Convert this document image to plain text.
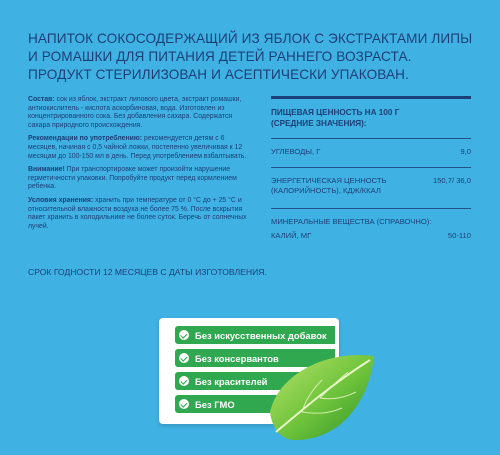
НАПИТОК СОКОСОДЕРЖАЩИЙ ИЗ ЯБЛОК С ЭКСТРАКТАМИ ЛИПЫ
И РОМАШКИ ДЛЯ ПИТАНИЯ ДЕТЕЙ РАННЕГО ВОЗРАСТА.
ПРОДУКТ СТЕРИЛИЗОВАН И АСЕПТИЧЕСКИ УПАКОВАН.

Состав: сок из яблок, экстракт липового цвета, экстракт ромашки, антиокислитель - кислота аскорбиновая, вода. Изготовлен из концентрированного сока. Без добавления сахара. Содержатся сахара природного происхождения.

Рекомендации по употреблению: рекомендуется детям с 6 месяцев, начиная с 0,5 чайной ложки, постепенно увеличивая к 12 месяцам до 100-150 мл в день. Перед употреблением взбалтывать.

Внимание! При транспортировке может произойти нарушение герметичности упаковки. Попробуйте продукт перед кормлением ребенка.

Условия хранения: хранить при температуре от 0 °С до + 25 °С и относительной влажности воздуха не более 75 %. После вскрытия пакет хранить в холодильнике не более суток. Беречь от солнечных лучей.

СРОК ГОДНОСТИ 12 МЕСЯЦЕВ С ДАТЫ ИЗГОТОВЛЕНИЯ.
ПИЩЕВАЯ ЦЕННОСТЬ НА 100 Г
(СРЕДНИЕ ЗНАЧЕНИЯ):
УГЛЕВОДЫ, Г	9,0
ЭНЕРГЕТИЧЕСКАЯ ЦЕННОСТЬ (КАЛОРИЙНОСТЬ), КДЖ/ККАЛ
150,7/ 36,0
МИНЕРАЛЬНЫЕ ВЕЩЕСТВА (СПРАВОЧНО):
КАЛИЙ, МГ	50-110
Без искусственных добавок
Без консервантов
Без красителей
Без ГМО
